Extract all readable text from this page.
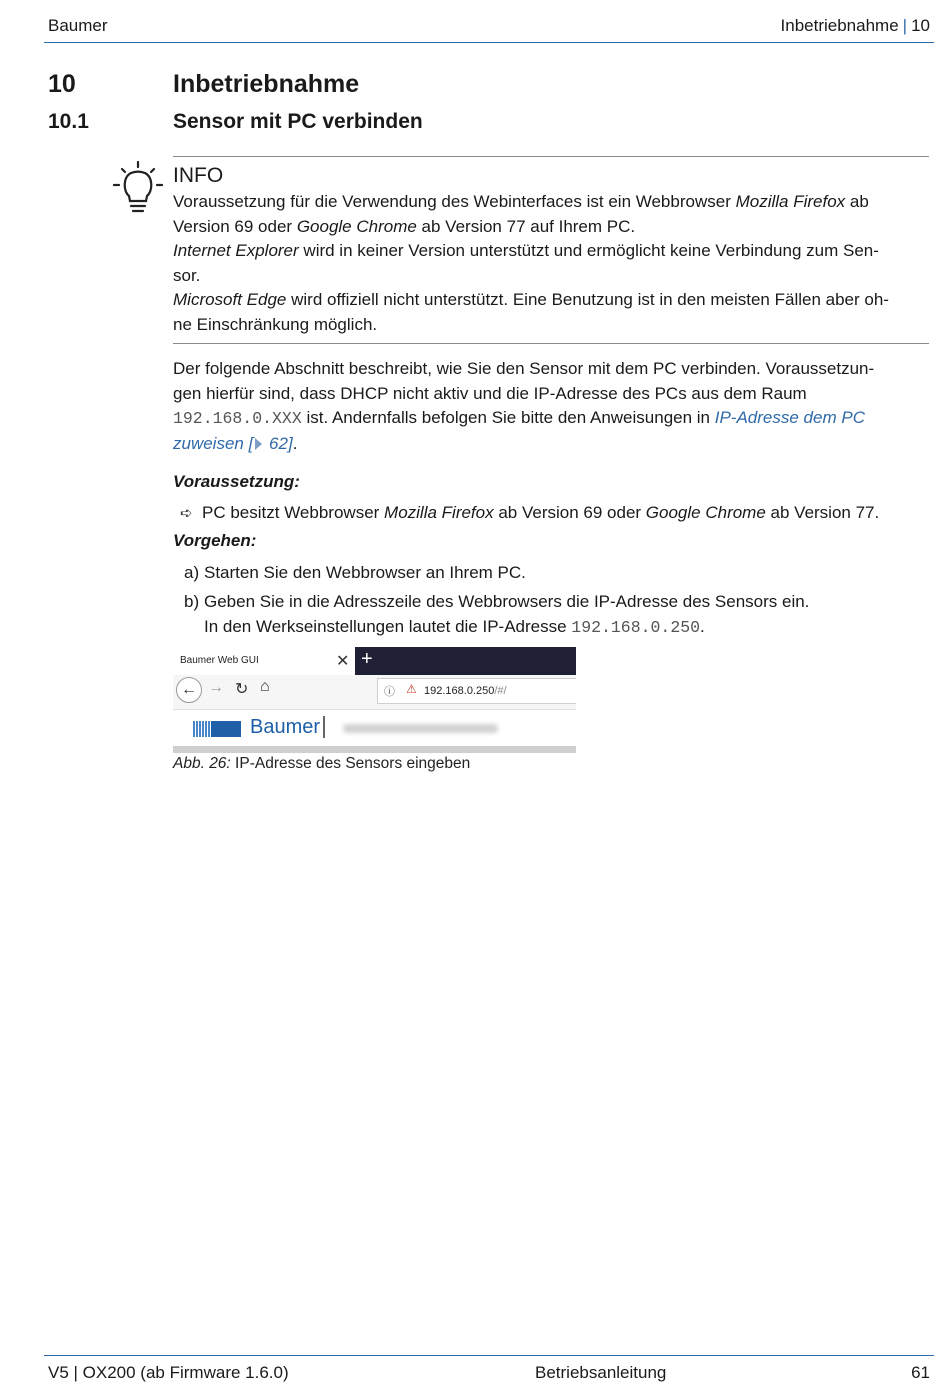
Baumer	Inbetriebnahme | 10
10	Inbetriebnahme
10.1	Sensor mit PC verbinden
INFO

Voraussetzung für die Verwendung des Webinterfaces ist ein Webbrowser Mozilla Firefox ab
Version 69 oder Google Chrome ab Version 77 auf Ihrem PC.

Internet Explorer wird in keiner Version unterstützt und ermöglicht keine Verbindung zum Sen-
sor.

Microsoft Edge wird offiziell nicht unterstützt. Eine Benutzung ist in den meisten Fällen aber oh-
ne Einschränkung möglich.

Der folgende Abschnitt beschreibt, wie Sie den Sensor mit dem PC verbinden. Voraussetzun-
gen hierfür sind, dass DHCP nicht aktiv und die IP-Adresse des PCs aus dem Raum
192.168.0.XXX ist. Andernfalls befolgen Sie bitte den Anweisungen in IP-Adresse dem PC
zuweisen [ 62].

Voraussetzung:
➪ PC besitzt Webbrowser Mozilla Firefox ab Version 69 oder Google Chrome ab Version 77.
Vorgehen:
a) Starten Sie den Webbrowser an Ihrem PC.
b) Geben Sie in die Adresszeile des Webbrowsers die IP-Adresse des Sensors ein.
In den Werkseinstellungen lautet die IP-Adresse 192.168.0.250.
Baumer Web GUI	✕ +
← → ↻ ⌂	ⓘ ⚠ 192.168.0.250/#/
Baumer
Abb. 26: IP-Adresse des Sensors eingeben
V5 | OX200 (ab Firmware 1.6.0)	Betriebsanleitung	61
